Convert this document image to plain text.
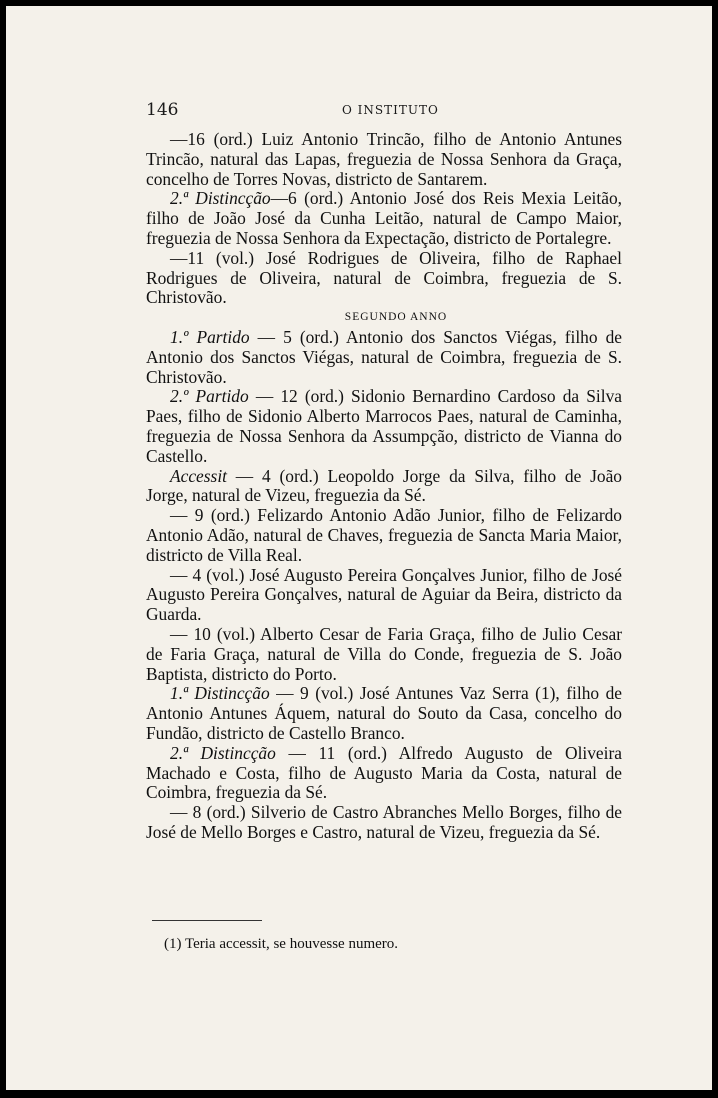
146	O INSTITUTO

—16 (ord.) Luiz Antonio Trincão, filho de Antonio Antunes Trincão, natural das Lapas, freguezia de Nossa Senhora da Graça, concelho de Torres Novas, districto de Santarem.

2.ª Distincção—6 (ord.) Antonio José dos Reis Mexia Leitão, filho de João José da Cunha Leitão, natural de Campo Maior, freguezia de Nossa Senhora da Expectação, districto de Portalegre.

—11 (vol.) José Rodrigues de Oliveira, filho de Raphael Rodrigues de Oliveira, natural de Coimbra, freguezia de S. Christovão.

SEGUNDO ANNO

1.º Partido — 5 (ord.) Antonio dos Sanctos Viégas, filho de Antonio dos Sanctos Viégas, natural de Coimbra, freguezia de S. Christovão.

2.º Partido — 12 (ord.) Sidonio Bernardino Cardoso da Silva Paes, filho de Sidonio Alberto Marrocos Paes, natural de Caminha, freguezia de Nossa Senhora da Assumpção, districto de Vianna do Castello.

Accessit — 4 (ord.) Leopoldo Jorge da Silva, filho de João Jorge, natural de Vizeu, freguezia da Sé.

— 9 (ord.) Felizardo Antonio Adão Junior, filho de Felizardo Antonio Adão, natural de Chaves, freguezia de Sancta Maria Maior, districto de Villa Real.

— 4 (vol.) José Augusto Pereira Gonçalves Junior, filho de José Augusto Pereira Gonçalves, natural de Aguiar da Beira, districto da Guarda.

— 10 (vol.) Alberto Cesar de Faria Graça, filho de Julio Cesar de Faria Graça, natural de Villa do Conde, freguezia de S. João Baptista, districto do Porto.

1.ª Distincção — 9 (vol.) José Antunes Vaz Serra (1), filho de Antonio Antunes Áquem, natural do Souto da Casa, concelho do Fundão, districto de Castello Branco.

2.ª Distincção — 11 (ord.) Alfredo Augusto de Oliveira Machado e Costa, filho de Augusto Maria da Costa, natural de Coimbra, freguezia da Sé.

— 8 (ord.) Silverio de Castro Abranches Mello Borges, filho de José de Mello Borges e Castro, natural de Vizeu, freguezia da Sé.

(1) Teria accessit, se houvesse numero.
